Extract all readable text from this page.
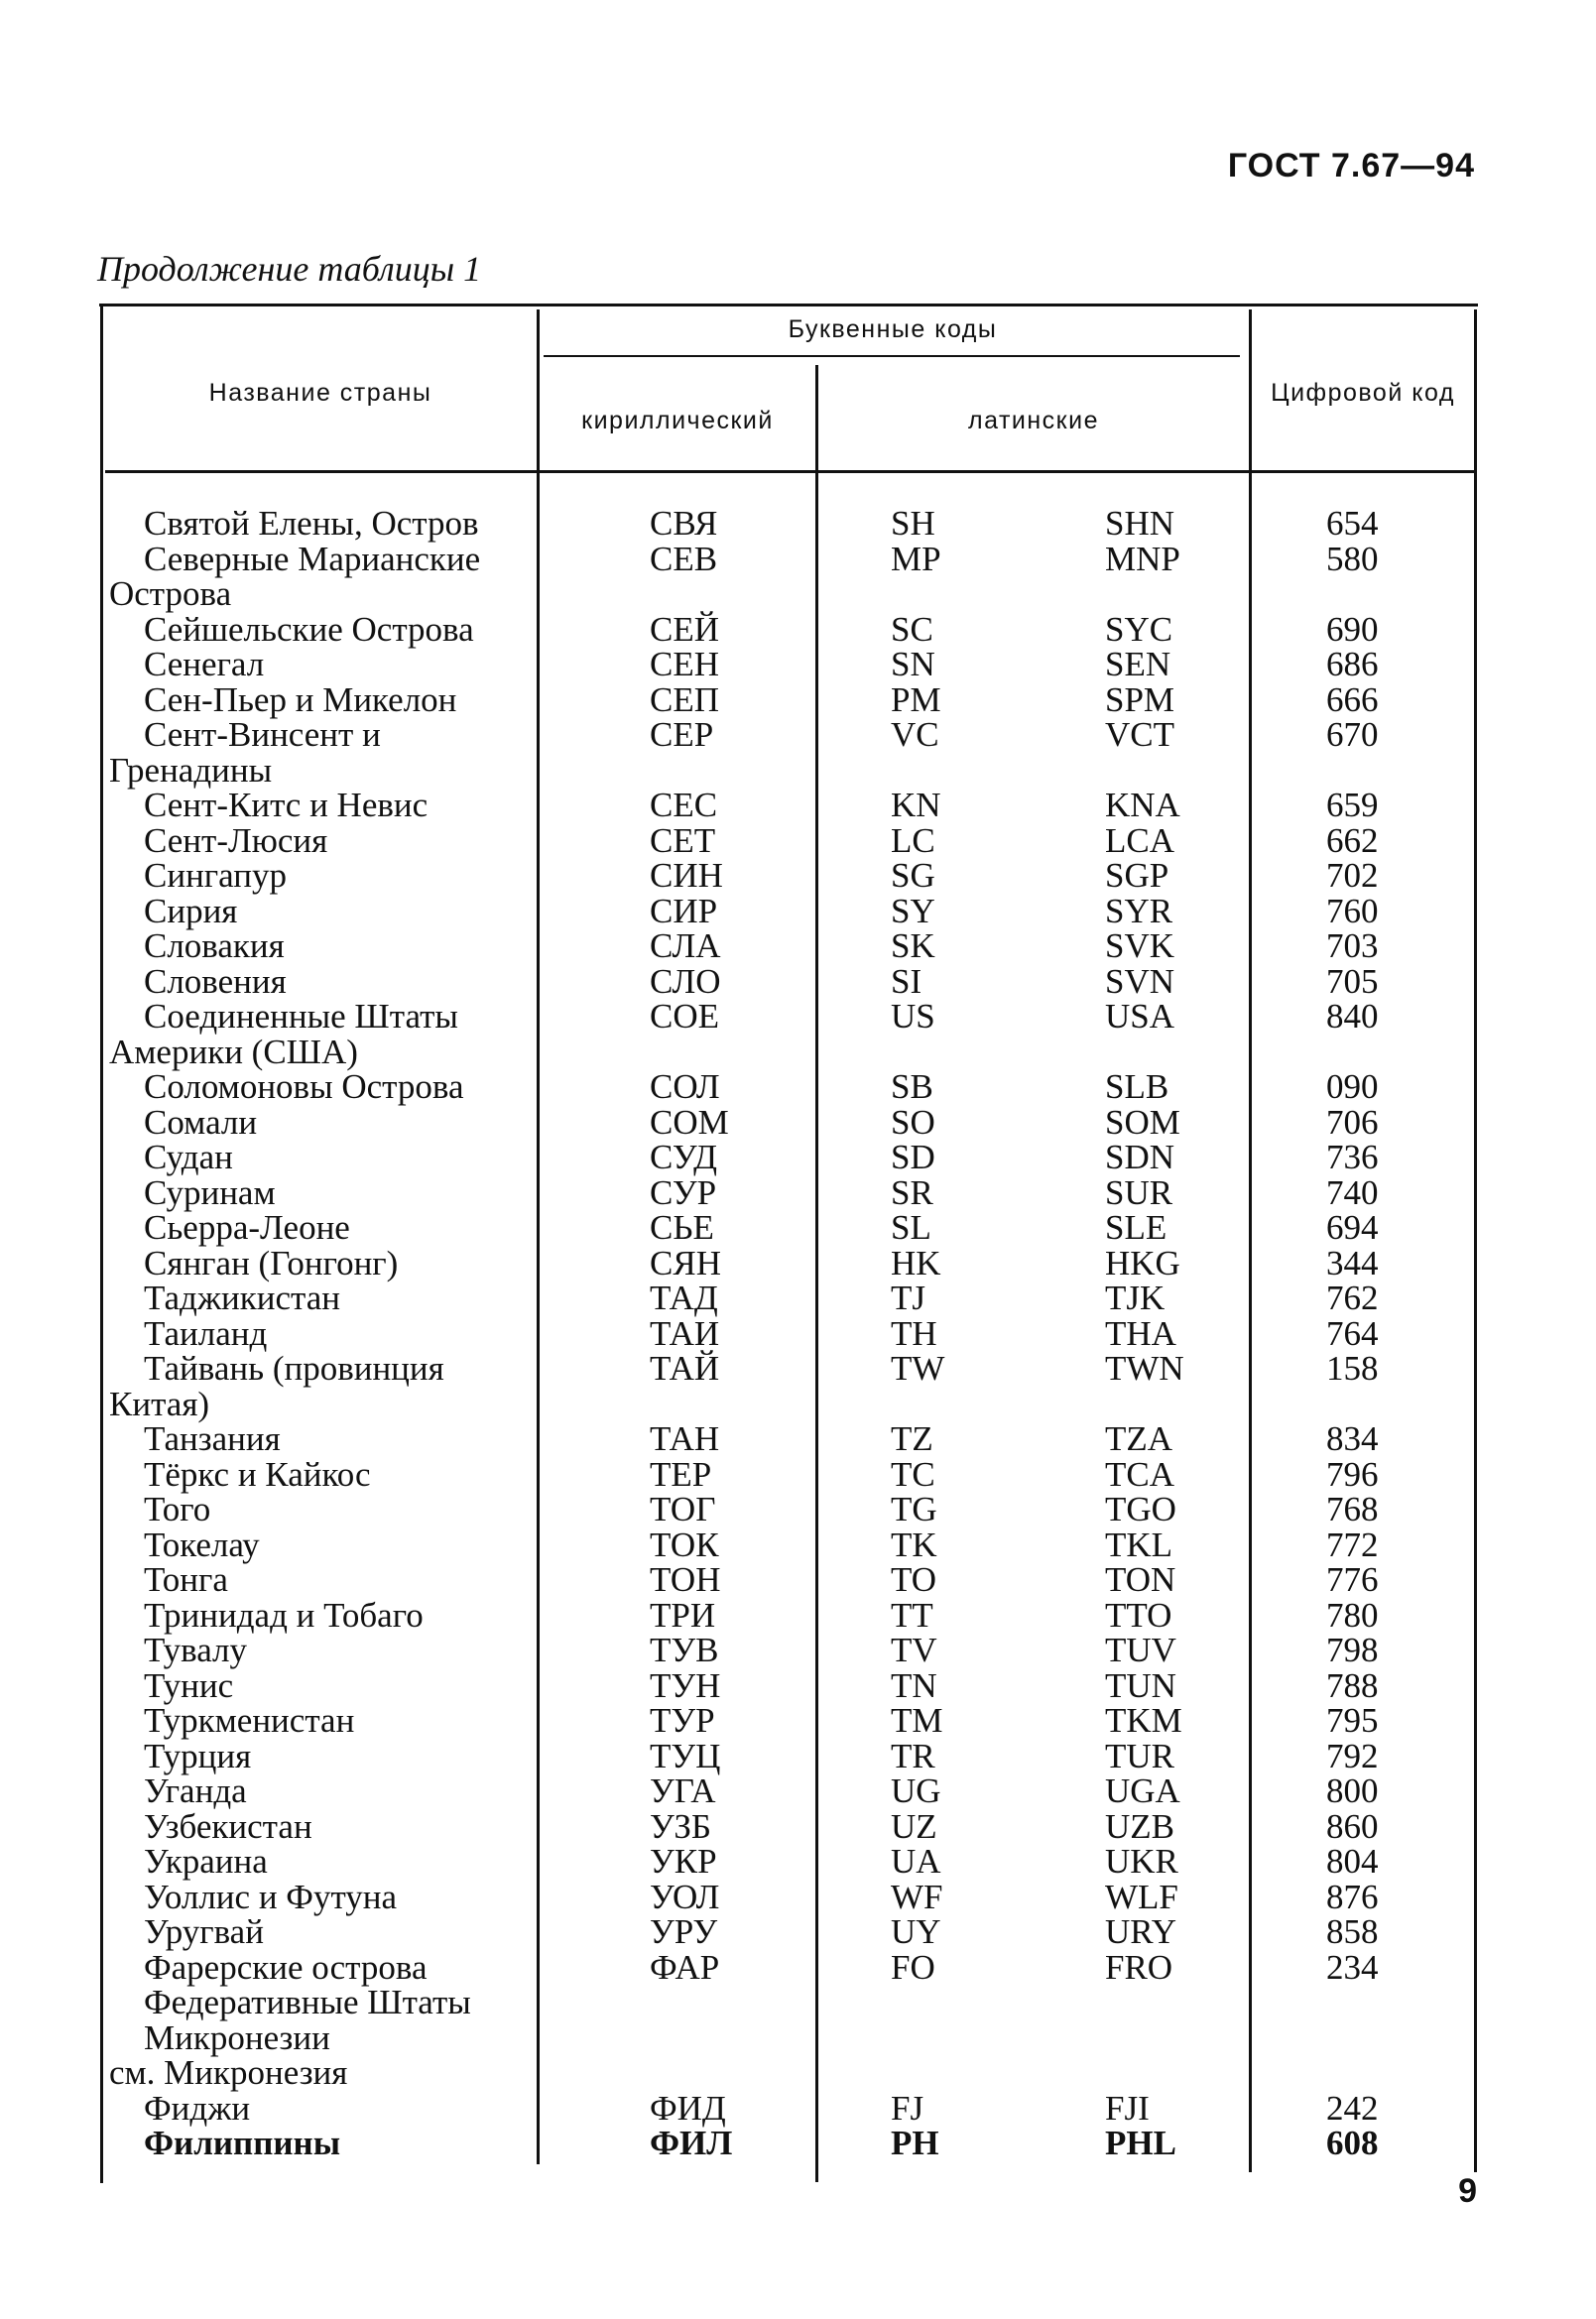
ГОСТ 7.67—94
Продолжение таблицы 1
Название страны
Буквенные коды
кириллический	латинские
Цифровой код
Святой Елены, Остров	СВЯ	SH	SHN	654
Северные Марианские	СЕВ	MP	MNP	580
Острова
Сейшельские Острова	СЕЙ	SC	SYC	690
Сенегал	СЕН	SN	SEN	686
Сен-Пьер и Микелон	СЕП	PM	SPM	666
Сент-Винсент и	СЕР	VC	VCT	670
Гренадины
Сент-Китс и Невис	СЕС	KN	KNA	659
Сент-Люсия	СЕТ	LC	LCA	662
Сингапур	СИН	SG	SGP	702
Сирия	СИР	SY	SYR	760
Словакия	СЛА	SK	SVK	703
Словения	СЛО	SI	SVN	705
Соединенные Штаты	СОЕ	US	USA	840
Америки (США)
Соломоновы Острова	СОЛ	SB	SLB	090
Сомали	СОМ	SO	SOM	706
Судан	СУД	SD	SDN	736
Суринам	СУР	SR	SUR	740
Сьерра-Леоне	СЬЕ	SL	SLE	694
Сянган (Гонгонг)	СЯН	HK	HKG	344
Таджикистан	ТАД	TJ	TJK	762
Таиланд	ТАИ	TH	THA	764
Тайвань (провинция	ТАЙ	TW	TWN	158
Китая)
Танзания	ТАН	TZ	TZA	834
Тёркс и Кайкос	ТЕР	TC	TCA	796
Того	ТОГ	TG	TGO	768
Токелау	ТОК	TK	TKL	772
Тонга	ТОН	TO	TON	776
Тринидад и Тобаго	ТРИ	TT	TTO	780
Тувалу	ТУВ	TV	TUV	798
Тунис	ТУН	TN	TUN	788
Туркменистан	ТУР	TM	TKM	795
Турция	ТУЦ	TR	TUR	792
Уганда	УГА	UG	UGA	800
Узбекистан	УЗБ	UZ	UZB	860
Украина	УКР	UA	UKR	804
Уоллис и Футуна	УОЛ	WF	WLF	876
Уругвай	УРУ	UY	URY	858
Фарерские острова	ФАР	FO	FRO	234
Федеративные Штаты
Микронезии
см. Микронезия
Фиджи	ФИД	FJ	FJI	242
Филиппины	ФИЛ	PH	PHL	608
9
